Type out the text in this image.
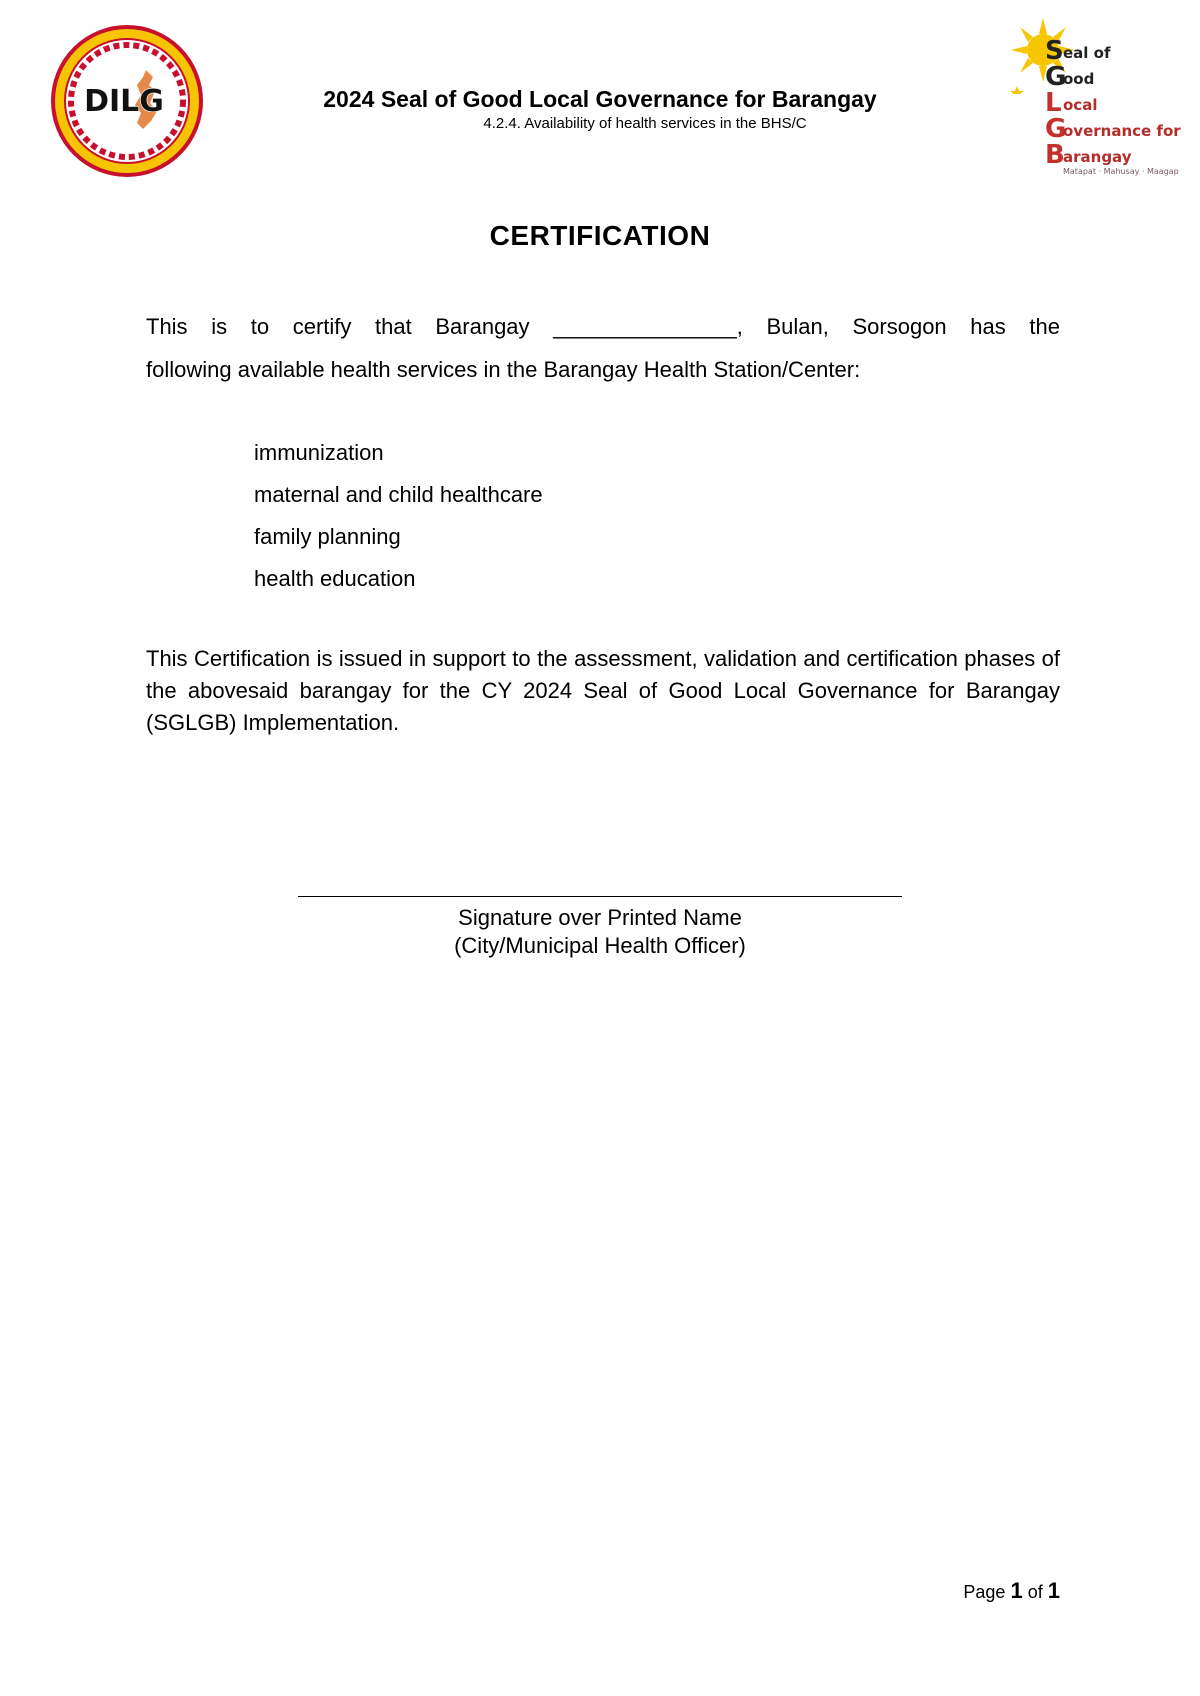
DILG	2024 Seal of Good Local Governance for Barangay
4.2.4. Availability of health services in the BHS/C
S eal of
G
ood
L ocal
G
overnance for
B
arangay
Matapat · Mahusay · Maagap
CERTIFICATION
This is to certify that Barangay _______________, Bulan, Sorsogon has the
following available health services in the Barangay Health Station/Center:
immunization
maternal and child healthcare
family planning
health education
This Certification is issued in support to the assessment, validation and certification phases of the abovesaid barangay for the CY 2024 Seal of Good Local Governance for Barangay (SGLGB) Implementation.
Signature over Printed Name
(City/Municipal Health Officer)
Page 1 of 1
